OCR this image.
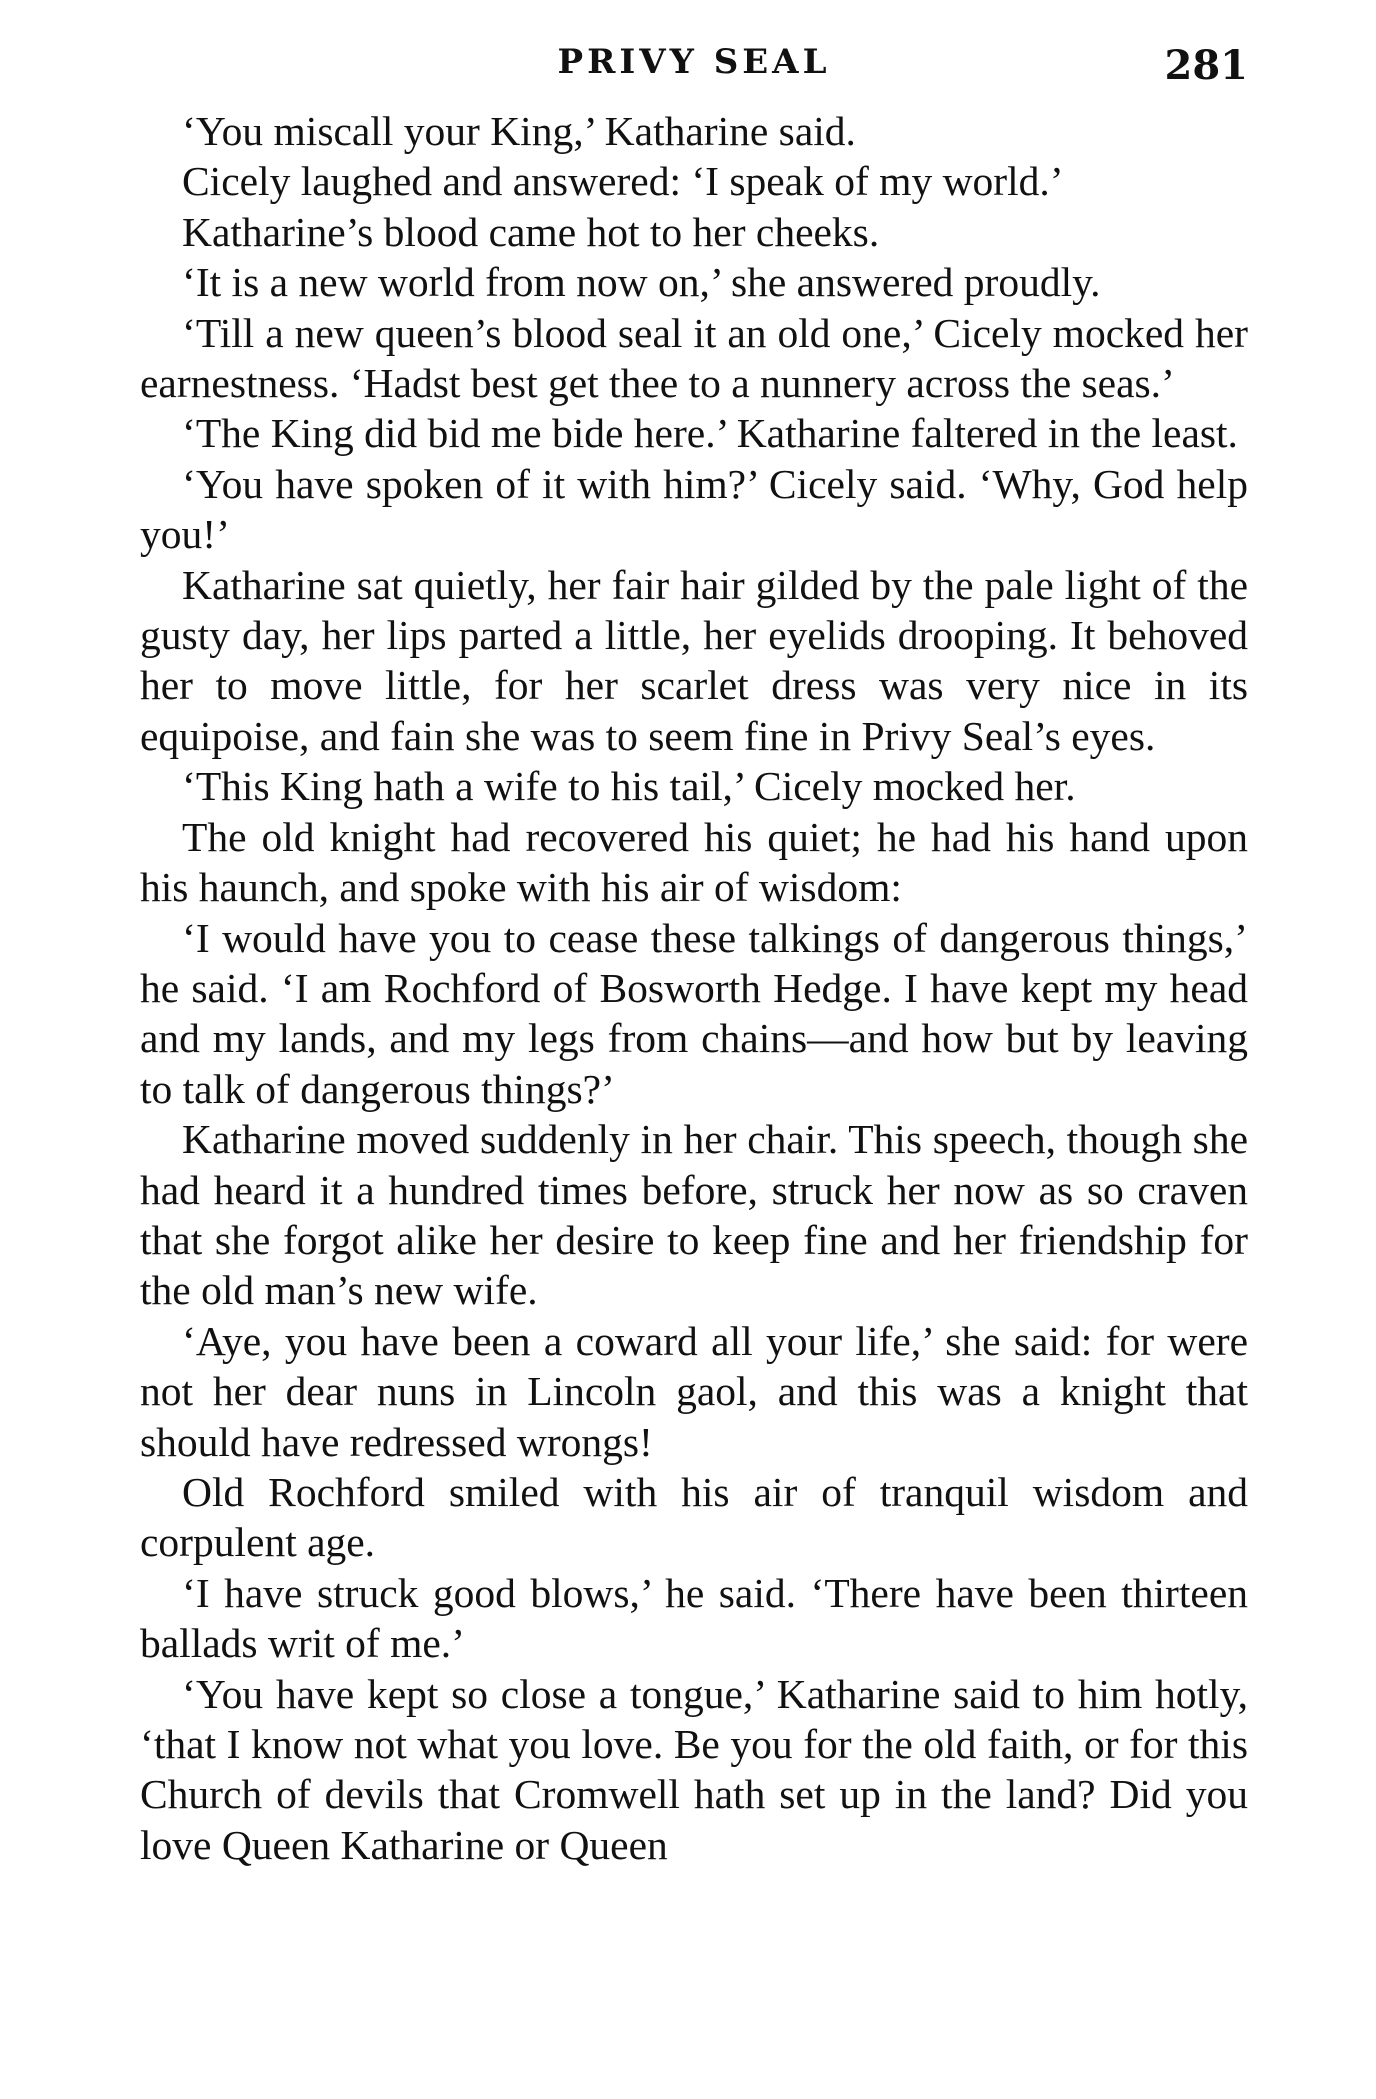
PRIVY SEAL	281

‘You miscall your King,’ Katharine said.

Cicely laughed and answered: ‘I speak of my world.’

Katharine’s blood came hot to her cheeks.

‘It is a new world from now on,’ she answered proudly.

‘Till a new queen’s blood seal it an old one,’ Cicely mocked her earnestness. ‘Hadst best get thee to a nunnery across the seas.’

‘The King did bid me bide here.’ Katharine faltered in the least.

‘You have spoken of it with him?’ Cicely said. ‘Why, God help you!’

Katharine sat quietly, her fair hair gilded by the pale light of the gusty day, her lips parted a little, her eyelids drooping. It behoved her to move little, for her scarlet dress was very nice in its equipoise, and fain she was to seem fine in Privy Seal’s eyes.

‘This King hath a wife to his tail,’ Cicely mocked her.

The old knight had recovered his quiet; he had his hand upon his haunch, and spoke with his air of wisdom:

‘I would have you to cease these talkings of dangerous things,’ he said. ‘I am Rochford of Bosworth Hedge. I have kept my head and my lands, and my legs from chains—and how but by leaving to talk of dangerous things?’

Katharine moved suddenly in her chair. This speech, though she had heard it a hundred times before, struck her now as so craven that she forgot alike her desire to keep fine and her friendship for the old man’s new wife.

‘Aye, you have been a coward all your life,’ she said: for were not her dear nuns in Lincoln gaol, and this was a knight that should have redressed wrongs!

Old Rochford smiled with his air of tranquil wisdom and corpulent age.

‘I have struck good blows,’ he said. ‘There have been thirteen ballads writ of me.’

‘You have kept so close a tongue,’ Katharine said to him hotly, ‘that I know not what you love. Be you for the old faith, or for this Church of devils that Cromwell hath set up in the land? Did you love Queen Katharine or Queen
